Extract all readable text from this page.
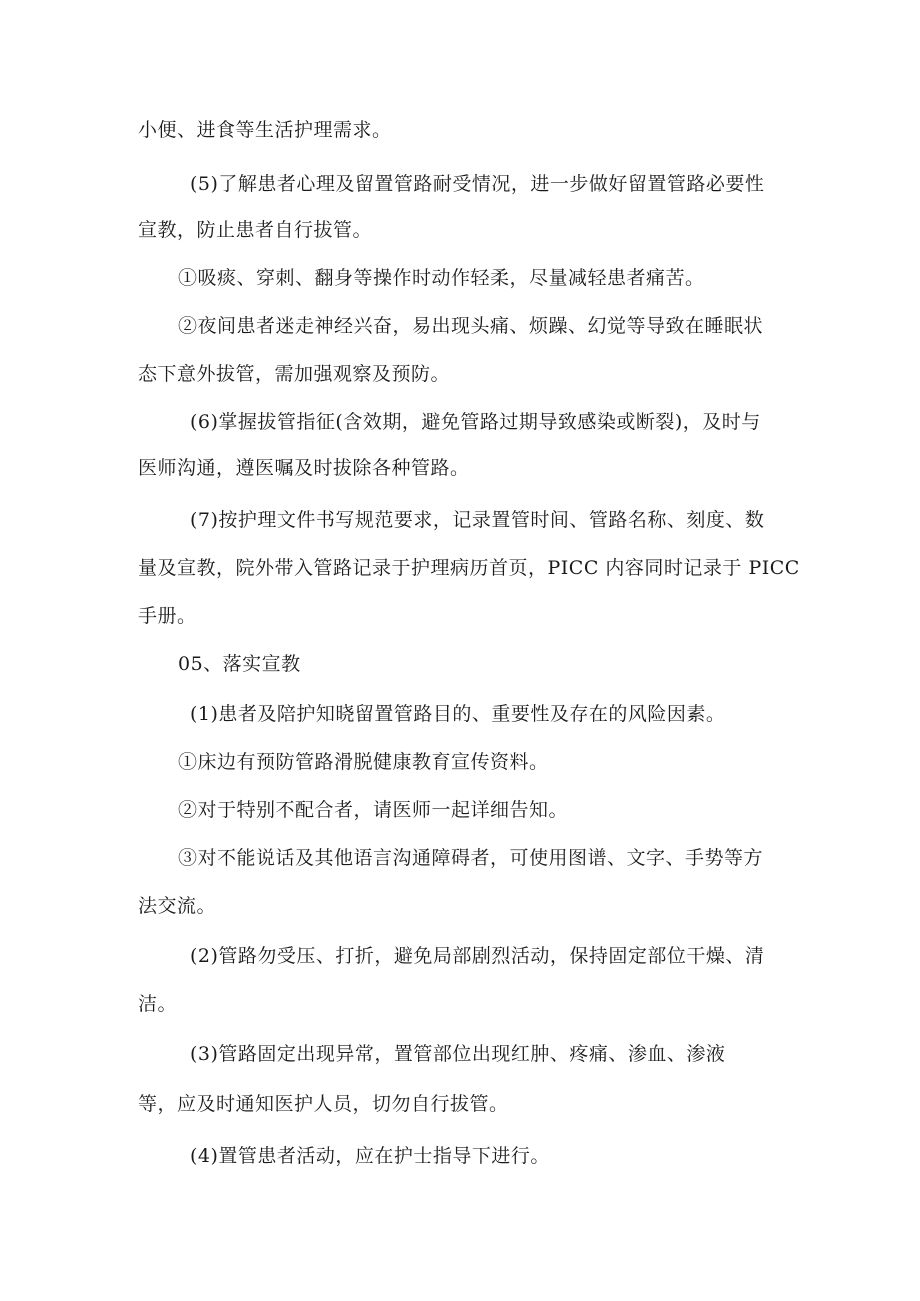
小便、进食等生活护理需求。
(5)了解患者心理及留置管路耐受情况，进一步做好留置管路必要性
宣教，防止患者自行拔管。
①吸痰、穿刺、翻身等操作时动作轻柔，尽量减轻患者痛苦。
②夜间患者迷走神经兴奋，易出现头痛、烦躁、幻觉等导致在睡眠状
态下意外拔管，需加强观察及预防。
(6)掌握拔管指征(含效期，避免管路过期导致感染或断裂)，及时与
医师沟通，遵医嘱及时拔除各种管路。
(7)按护理文件书写规范要求，记录置管时间、管路名称、刻度、数
量及宣教，院外带入管路记录于护理病历首页，PICC 内容同时记录于 PICC
手册。
05、落实宣教
(1)患者及陪护知晓留置管路目的、重要性及存在的风险因素。
①床边有预防管路滑脱健康教育宣传资料。
②对于特别不配合者，请医师一起详细告知。
③对不能说话及其他语言沟通障碍者，可使用图谱、文字、手势等方
法交流。
(2)管路勿受压、打折，避免局部剧烈活动，保持固定部位干燥、清
洁。
(3)管路固定出现异常，置管部位出现红肿、疼痛、渗血、渗液
等，应及时通知医护人员，切勿自行拔管。
(4)置管患者活动，应在护士指导下进行。
